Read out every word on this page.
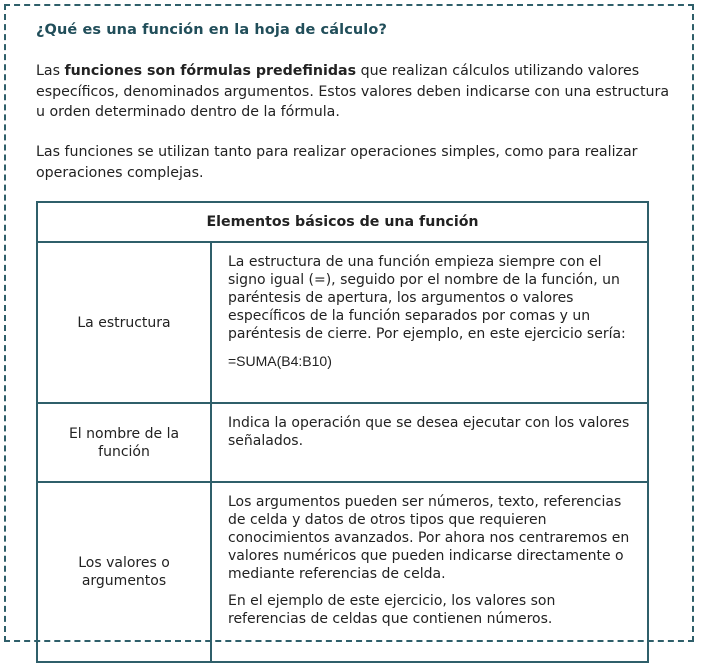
¿Qué es una función en la hoja de cálculo?

Las funciones son fórmulas predefinidas que realizan cálculos utilizando valores específicos, denominados argumentos. Estos valores deben indicarse con una estructura u orden determinado dentro de la fórmula.

Las funciones se utilizan tanto para realizar operaciones simples, como para realizar operaciones complejas.

Elementos básicos de una función	
La estructura	La estructura de una función empieza siempre con el signo igual (=), seguido por el nombre de la función, un paréntesis de apertura, los argumentos o valores específicos de la función separados por comas y un paréntesis de cierre. Por ejemplo, en este ejercicio sería:

=SUMA(B4:B10)

El nombre de la función	Indica la operación que se desea ejecutar con los valores señalados.

Los valores o argumentos	Los argumentos pueden ser números, texto, referencias de celda y datos de otros tipos que requieren conocimientos avanzados. Por ahora nos centraremos en valores numéricos que pueden indicarse directamente o mediante referencias de celda.

En el ejemplo de este ejercicio, los valores son referencias de celdas que contienen números.
